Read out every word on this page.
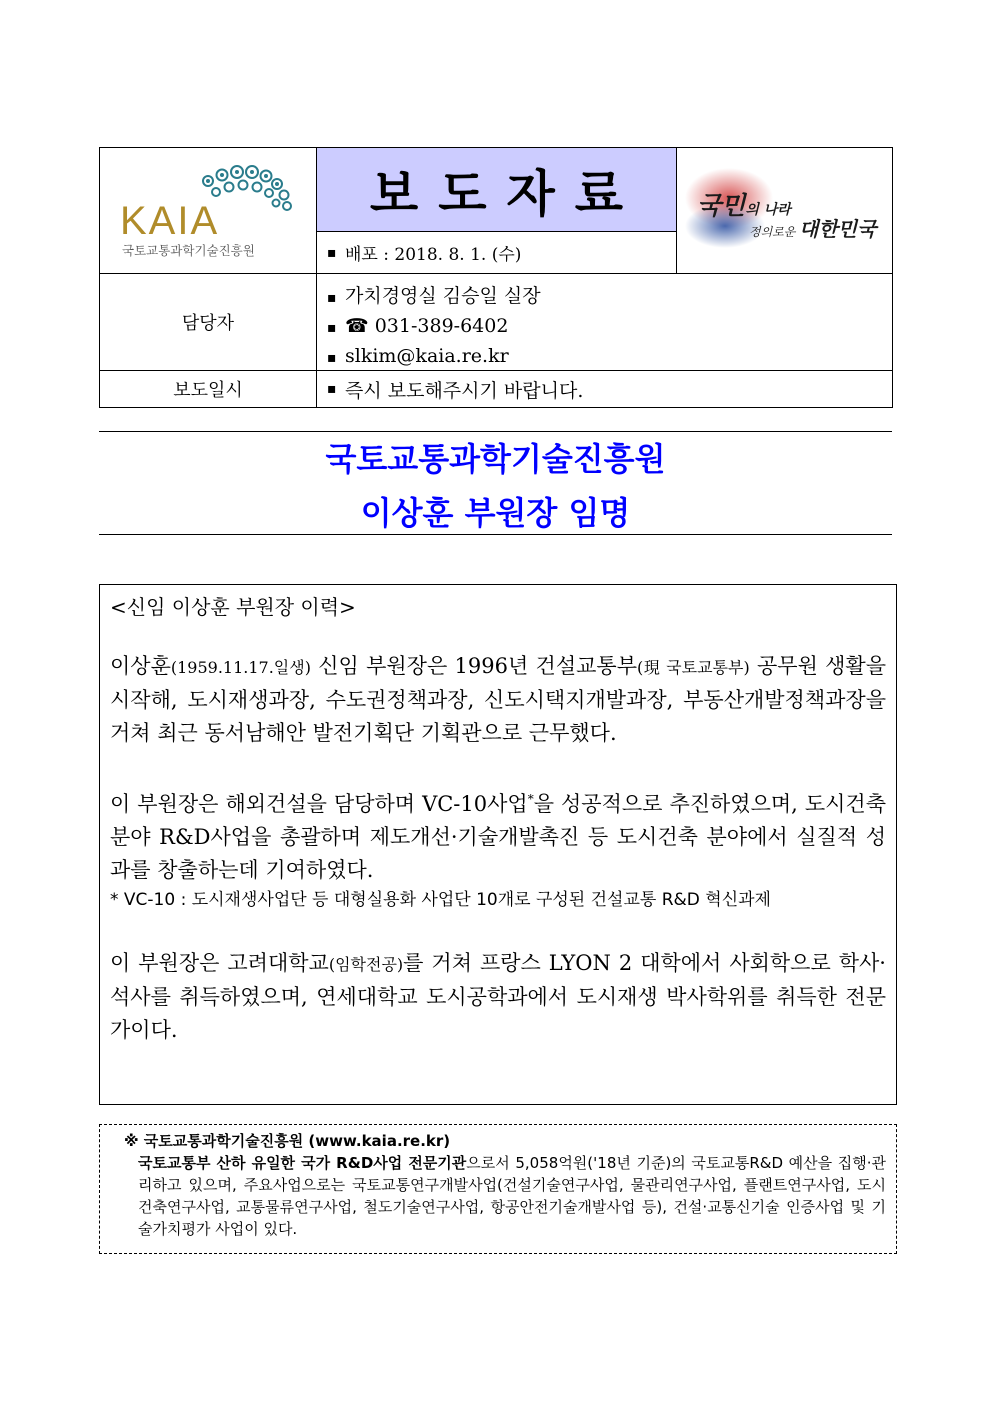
KAIA
국토교통과학기술진흥원
보도자료
▪ 배포 : 2018. 8. 1. (수)
국민의 나라
정의로운 대한민국
담당자
▪ 가치경영실 김승일 실장
▪ ☎ 031-389-6402
▪ slkim@kaia.re.kr
보도일시	▪ 즉시 보도해주시기 바랍니다.
국토교통과학기술진흥원
이상훈 부원장 임명
<신임 이상훈 부원장 이력>

이상훈(1959.11.17.일생) 신임 부원장은 1996년 건설교통부(現 국토교통부) 공무원 생활을 시작해, 도시재생과장, 수도권정책과장, 신도시택지개발과장, 부동산개발정책과장을 거쳐 최근 동서남해안 발전기획단 기획관으로 근무했다.

이 부원장은 해외건설을 담당하며 VC-10사업*을 성공적으로 추진하였으며, 도시건축분야 R&D사업을 총괄하며 제도개선·기술개발촉진 등 도시건축 분야에서 실질적 성과를 창출하는데 기여하였다.

* VC-10 : 도시재생사업단 등 대형실용화 사업단 10개로 구성된 건설교통 R&D 혁신과제

이 부원장은 고려대학교(임학전공)를 거쳐 프랑스 LYON 2 대학에서 사회학으로 학사·석사를 취득하였으며, 연세대학교 도시공학과에서 도시재생 박사학위를 취득한 전문가이다.

※ 국토교통과학기술진흥원 (www.kaia.re.kr)
국토교통부 산하 유일한 국가 R&D사업 전문기관으로서 5,058억원('18년 기준)의 국토교통R&D 예산을 집행·관리하고 있으며, 주요사업으로는 국토교통연구개발사업(건설기술연구사업, 물관리연구사업, 플랜트연구사업, 도시건축연구사업, 교통물류연구사업, 철도기술연구사업, 항공안전기술개발사업 등), 건설·교통신기술 인증사업 및 기술가치평가 사업이 있다.
